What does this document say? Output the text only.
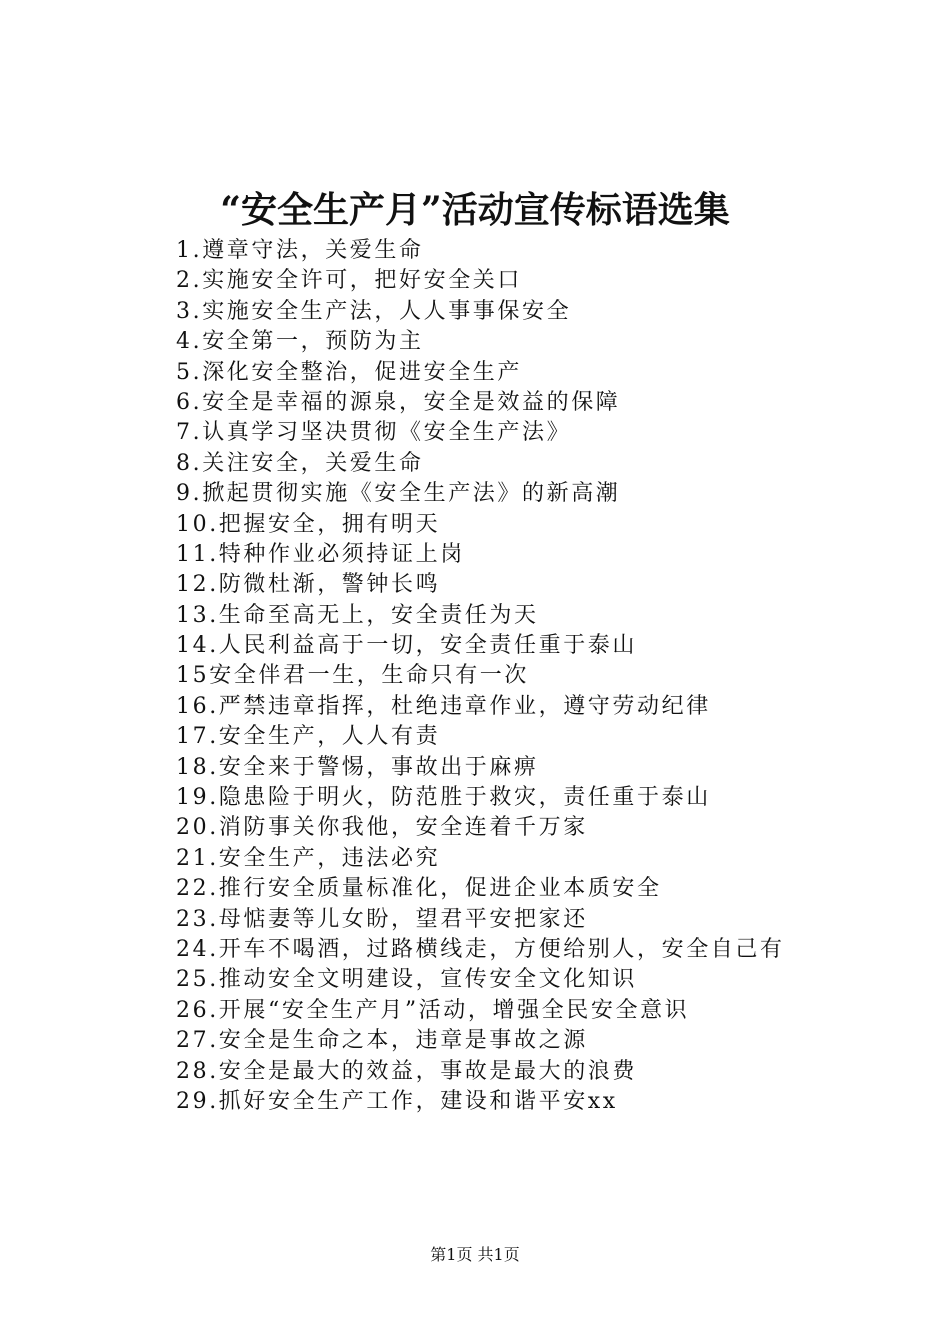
“安全生产月”活动宣传标语选集
1.遵章守法，关爱生命
2.实施安全许可，把好安全关口
3.实施安全生产法，人人事事保安全
4.安全第一，预防为主
5.深化安全整治，促进安全生产
6.安全是幸福的源泉，安全是效益的保障
7.认真学习坚决贯彻《安全生产法》
8.关注安全，关爱生命
9.掀起贯彻实施《安全生产法》的新高潮
10.把握安全，拥有明天
11.特种作业必须持证上岗
12.防微杜渐，警钟长鸣
13.生命至高无上，安全责任为天
14.人民利益高于一切，安全责任重于泰山
15安全伴君一生，生命只有一次
16.严禁违章指挥，杜绝违章作业，遵守劳动纪律
17.安全生产，人人有责
18.安全来于警惕，事故出于麻痹
19.隐患险于明火，防范胜于救灾，责任重于泰山
20.消防事关你我他，安全连着千万家
21.安全生产，违法必究
22.推行安全质量标准化，促进企业本质安全
23.母惦妻等儿女盼，望君平安把家还
24.开车不喝酒，过路横线走，方便给别人，安全自己有
25.推动安全文明建设，宣传安全文化知识
26.开展“安全生产月”活动，增强全民安全意识
27.安全是生命之本，违章是事故之源
28.安全是最大的效益，事故是最大的浪费
29.抓好安全生产工作，建设和谐平安xx
第1页 共1页
